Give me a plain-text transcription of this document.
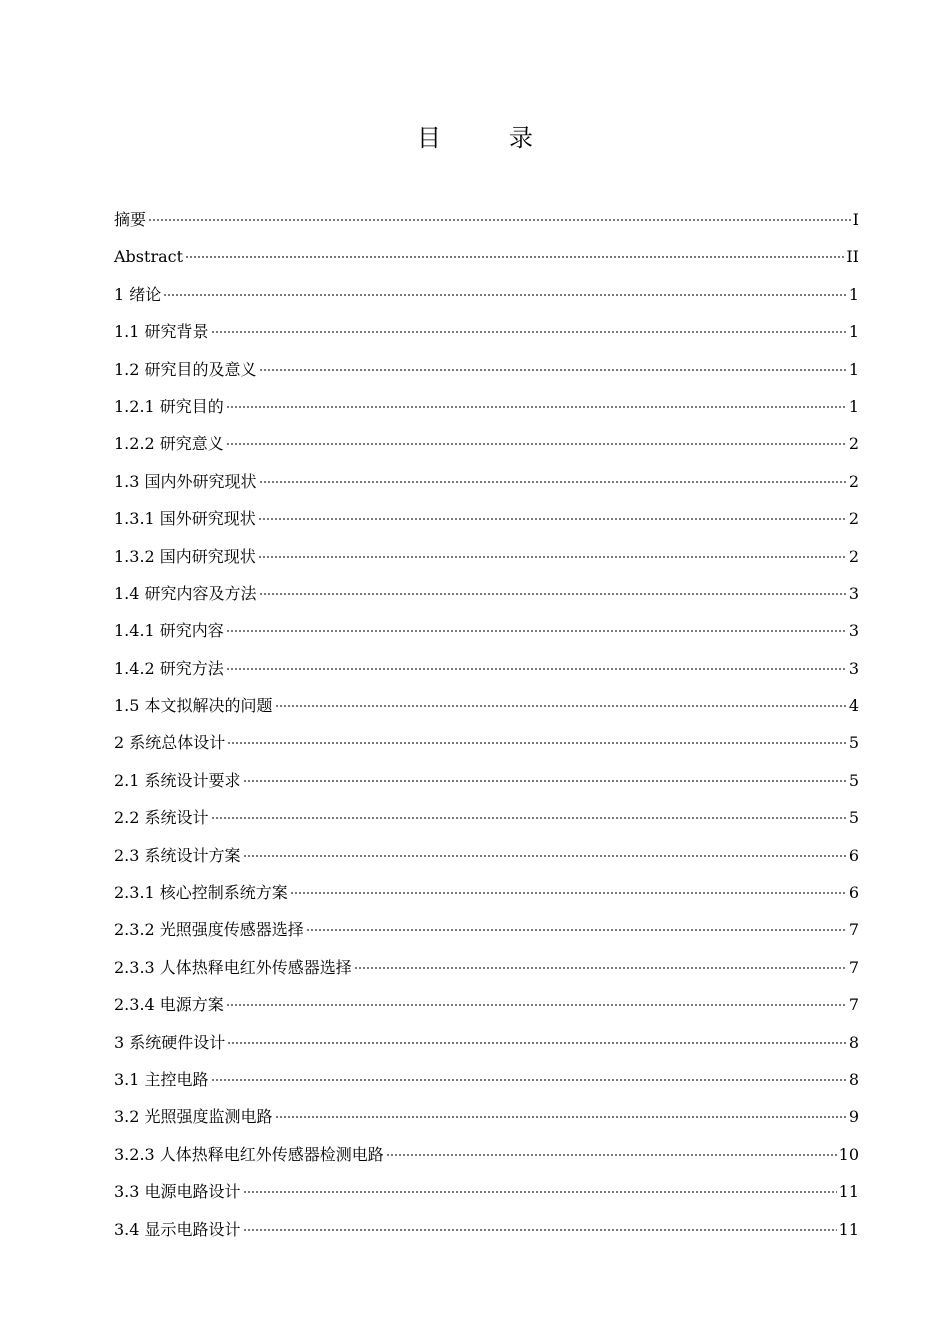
目　录
摘要	I
Abstract	II
1 绪论	1
1.1 研究背景	1
1.2 研究目的及意义	1
1.2.1 研究目的	1
1.2.2 研究意义	2
1.3 国内外研究现状	2
1.3.1 国外研究现状	2
1.3.2 国内研究现状	2
1.4 研究内容及方法	3
1.4.1 研究内容	3
1.4.2 研究方法	3
1.5 本文拟解决的问题	4
2 系统总体设计	5
2.1 系统设计要求	5
2.2 系统设计	5
2.3 系统设计方案	6
2.3.1 核心控制系统方案	6
2.3.2 光照强度传感器选择	7
2.3.3 人体热释电红外传感器选择	7
2.3.4 电源方案	7
3 系统硬件设计	8
3.1 主控电路	8
3.2 光照强度监测电路	9
3.2.3 人体热释电红外传感器检测电路	10
3.3 电源电路设计	11
3.4 显示电路设计	11
